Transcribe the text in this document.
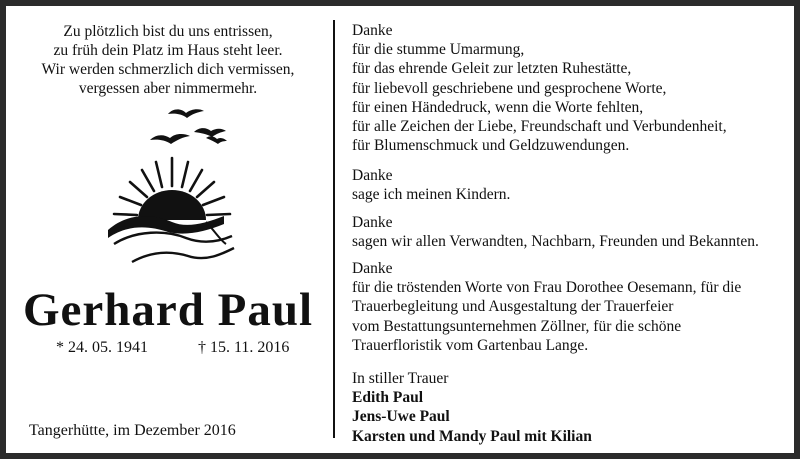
Zu plötzlich bist du uns entrissen,
zu früh dein Platz im Haus steht leer.
Wir werden schmerzlich dich vermissen,
vergessen aber nimmermehr.
Gerhard Paul
* 24. 05. 1941	† 15. 11. 2016
Tangerhütte, im Dezember 2016
Danke
für die stumme Umarmung,
für das ehrende Geleit zur letzten Ruhestätte,
für liebevoll geschriebene und gesprochene Worte,
für einen Händedruck, wenn die Worte fehlten,
für alle Zeichen der Liebe, Freundschaft und Verbundenheit,
für Blumenschmuck und Geldzuwendungen.
Danke
sage ich meinen Kindern.
Danke
sagen wir allen Verwandten, Nachbarn, Freunden und Bekannten.
Danke
für die tröstenden Worte von Frau Dorothee Oesemann, für die
Trauerbegleitung und Ausgestaltung der Trauerfeier
vom Bestattungsunternehmen Zöllner, für die schöne
Trauerfloristik vom Gartenbau Lange.
In stiller Trauer
Edith Paul
Jens-Uwe Paul
Karsten und Mandy Paul mit Kilian
